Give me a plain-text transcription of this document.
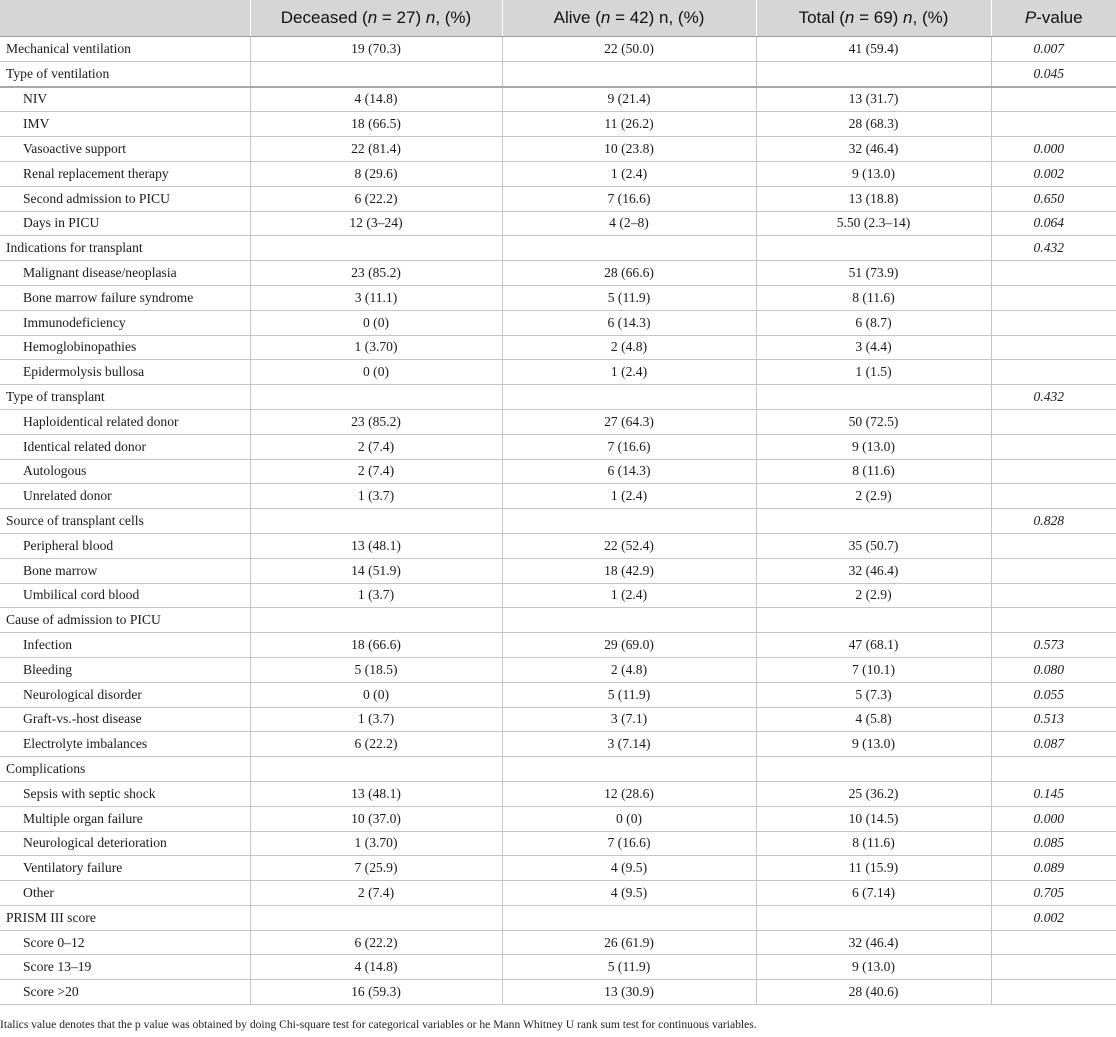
	Deceased (n = 27) n, (%)	Alive (n = 42) n, (%)	Total (n = 69) n, (%)	P-value
Mechanical ventilation	19 (70.3)	22 (50.0)	41 (59.4)	0.007
Type of ventilation				0.045
NIV	4 (14.8)	9 (21.4)	13 (31.7)	
IMV	18 (66.5)	11 (26.2)	28 (68.3)	
Vasoactive support	22 (81.4)	10 (23.8)	32 (46.4)	0.000
Renal replacement therapy	8 (29.6)	1 (2.4)	9 (13.0)	0.002
Second admission to PICU	6 (22.2)	7 (16.6)	13 (18.8)	0.650
Days in PICU	12 (3–24)	4 (2–8)	5.50 (2.3–14)	0.064
Indications for transplant				0.432
Malignant disease/neoplasia	23 (85.2)	28 (66.6)	51 (73.9)	
Bone marrow failure syndrome	3 (11.1)	5 (11.9)	8 (11.6)	
Immunodeficiency	0 (0)	6 (14.3)	6 (8.7)	
Hemoglobinopathies	1 (3.70)	2 (4.8)	3 (4.4)	
Epidermolysis bullosa	0 (0)	1 (2.4)	1 (1.5)	
Type of transplant				0.432
Haploidentical related donor	23 (85.2)	27 (64.3)	50 (72.5)	
Identical related donor	2 (7.4)	7 (16.6)	9 (13.0)	
Autologous	2 (7.4)	6 (14.3)	8 (11.6)	
Unrelated donor	1 (3.7)	1 (2.4)	2 (2.9)	
Source of transplant cells				0.828
Peripheral blood	13 (48.1)	22 (52.4)	35 (50.7)	
Bone marrow	14 (51.9)	18 (42.9)	32 (46.4)	
Umbilical cord blood	1 (3.7)	1 (2.4)	2 (2.9)	
Cause of admission to PICU				
Infection	18 (66.6)	29 (69.0)	47 (68.1)	0.573
Bleeding	5 (18.5)	2 (4.8)	7 (10.1)	0.080
Neurological disorder	0 (0)	5 (11.9)	5 (7.3)	0.055
Graft-vs.-host disease	1 (3.7)	3 (7.1)	4 (5.8)	0.513
Electrolyte imbalances	6 (22.2)	3 (7.14)	9 (13.0)	0.087
Complications				
Sepsis with septic shock	13 (48.1)	12 (28.6)	25 (36.2)	0.145
Multiple organ failure	10 (37.0)	0 (0)	10 (14.5)	0.000
Neurological deterioration	1 (3.70)	7 (16.6)	8 (11.6)	0.085
Ventilatory failure	7 (25.9)	4 (9.5)	11 (15.9)	0.089
Other	2 (7.4)	4 (9.5)	6 (7.14)	0.705
PRISM III score				0.002
Score 0–12	6 (22.2)	26 (61.9)	32 (46.4)	
Score 13–19	4 (14.8)	5 (11.9)	9 (13.0)	
Score >20	16 (59.3)	13 (30.9)	28 (40.6)	
Italics value denotes that the p value was obtained by doing Chi-square test for categorical variables or he Mann Whitney U rank sum test for continuous variables.
